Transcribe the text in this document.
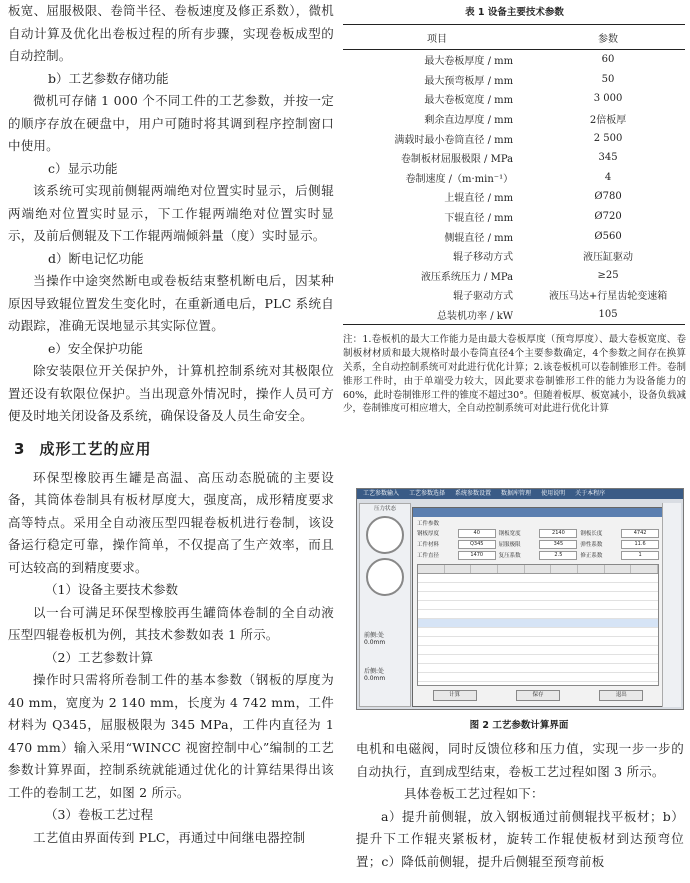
板宽、屈服极限、卷筒半径、卷板速度及修正系数），微机自动计算及优化出卷板过程的所有步骤，实现卷板成型的自动控制。

b）工艺参数存储功能

微机可存储 1 000 个不同工件的工艺参数，并按一定的顺序存放在硬盘中，用户可随时将其调到程序控制窗口中使用。

c）显示功能

该系统可实现前侧辊两端绝对位置实时显示，后侧辊两端绝对位置实时显示，下工作辊两端绝对位置实时显示，及前后侧辊及下工作辊两端倾斜量（度）实时显示。

d）断电记忆功能

当操作中途突然断电或卷板结束整机断电后，因某种原因导致辊位置发生变化时，在重新通电后，PLC 系统自动跟踪，准确无误地显示其实际位置。

e）安全保护功能

除安装限位开关保护外，计算机控制系统对其极限位置还设有软限位保护。当出现意外情况时，操作人员可方便及时地关闭设备及系统，确保设备及人员生命安全。

3 成形工艺的应用

环保型橡胶再生罐是高温、高压动态脱硫的主要设备，其筒体卷制具有板材厚度大，强度高，成形精度要求高等特点。采用全自动液压型四辊卷板机进行卷制，该设备运行稳定可靠，操作简单，不仅提高了生产效率，而且可达较高的到精度要求。

（1）设备主要技术参数

以一台可满足环保型橡胶再生罐筒体卷制的全自动液压型四辊卷板机为例，其技术参数如表 1 所示。

（2）工艺参数计算

操作时只需将所卷制工件的基本参数（钢板的厚度为 40 mm，宽度为 2 140 mm，长度为 4 742 mm，工件材料为 Q345，屈服极限为 345 MPa，工件内直径为 1 470 mm）输入采用“WINCC 视窗控制中心”编制的工艺参数计算界面，控制系统就能通过优化的计算结果得出该工件的卷制工艺，如图 2 所示。

（3）卷板工艺过程

工艺值由界面传到 PLC，再通过中间继电器控制

表 1 设备主要技术参数

项目	参数
最大卷板厚度 / mm	60
最大预弯板厚 / mm	50
最大卷板宽度 / mm	3 000
剩余直边厚度 / mm	2倍板厚
满载时最小卷筒直径 / mm	2 500
卷制板材屈服极限 / MPa	345
卷制速度 /（m·min⁻¹）	4
上辊直径 / mm	Ø780
下辊直径 / mm	Ø720
侧辊直径 / mm	Ø560
辊子移动方式	液压缸驱动
液压系统压力 / MPa	≥25
辊子驱动方式	液压马达+行星齿轮变速箱
总装机功率 / kW	105

注：1.卷板机的最大工作能力是由最大卷板厚度（预弯厚度）、最大卷板宽度、卷制板材材质和最大规格时最小卷筒直径4个主要参数确定，4个参数之间存在换算关系，全自动控制系统可对此进行优化计算；2.该卷板机可以卷制锥形工件。卷制锥形工件时，由于单端受力较大，因此要求卷制锥形工件的能力为设备能力的60%，此时卷制锥形工件的锥度不超过30°。但随着板厚、板宽减小，设备负载减少，卷制锥度可相应增大，全自动控制系统可对此进行优化计算

工艺参数输入 工艺参数选择 系统参数设置 数据库管理 使用说明 关于本程序
压力状态
前侧:处
0.0mm
后侧:处
0.0mm
工件参数
钢板厚度	40	钢板宽度	2140	钢板长度	4742
工件材料	Q345	屈服极限	345	弹性系数	11.6
工件直径	1470	复压系数	2.5	修正系数	1
计算	保存	退出

图 2 工艺参数计算界面

电机和电磁阀，同时反馈位移和压力值，实现一步一步的自动执行，直到成型结束，卷板工艺过程如图 3 所示。

具体卷板工艺过程如下：

a）提升前侧辊，放入钢板通过前侧辊找平板材；b）提升下工作辊夹紧板材，旋转工作辊使板材到达预弯位置；c）降低前侧辊，提升后侧辊至预弯前板
